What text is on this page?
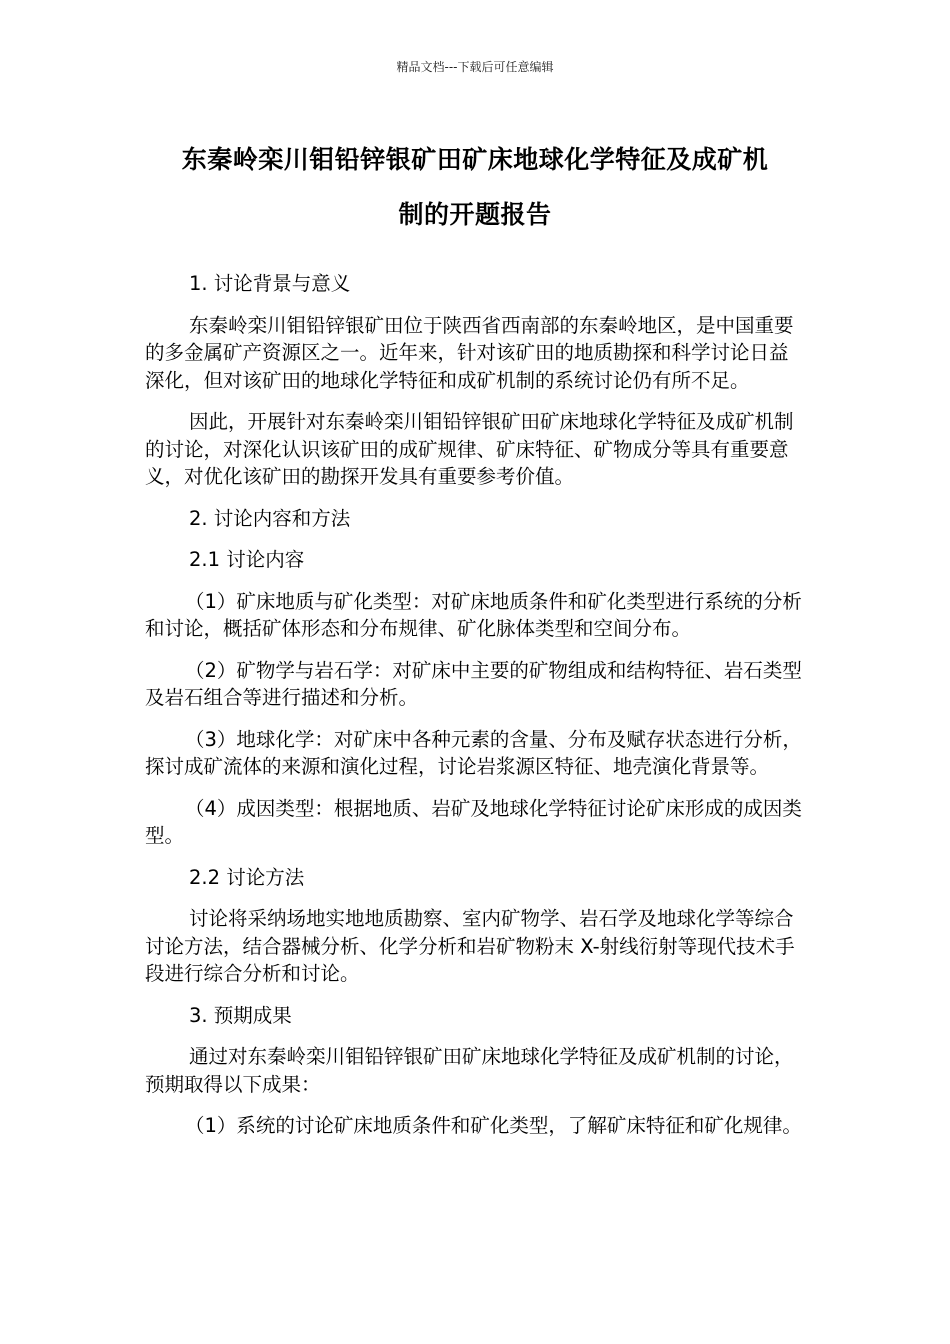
精品文档---下载后可任意编辑
东秦岭栾川钼铅锌银矿田矿床地球化学特征及成矿机
制的开题报告

1. 讨论背景与意义

东秦岭栾川钼铅锌银矿田位于陕西省西南部的东秦岭地区，是中国重要的多金属矿产资源区之一。近年来，针对该矿田的地质勘探和科学讨论日益深化，但对该矿田的地球化学特征和成矿机制的系统讨论仍有所不足。

因此，开展针对东秦岭栾川钼铅锌银矿田矿床地球化学特征及成矿机制的讨论，对深化认识该矿田的成矿规律、矿床特征、矿物成分等具有重要意义，对优化该矿田的勘探开发具有重要参考价值。

2. 讨论内容和方法

2.1 讨论内容

（1）矿床地质与矿化类型：对矿床地质条件和矿化类型进行系统的分析和讨论，概括矿体形态和分布规律、矿化脉体类型和空间分布。

（2）矿物学与岩石学：对矿床中主要的矿物组成和结构特征、岩石类型及岩石组合等进行描述和分析。

（3）地球化学：对矿床中各种元素的含量、分布及赋存状态进行分析，探讨成矿流体的来源和演化过程，讨论岩浆源区特征、地壳演化背景等。

（4）成因类型：根据地质、岩矿及地球化学特征讨论矿床形成的成因类型。

2.2 讨论方法

讨论将采纳场地实地地质勘察、室内矿物学、岩石学及地球化学等综合讨论方法，结合器械分析、化学分析和岩矿物粉末 X-射线衍射等现代技术手段进行综合分析和讨论。

3. 预期成果

通过对东秦岭栾川钼铅锌银矿田矿床地球化学特征及成矿机制的讨论，预期取得以下成果：

（1）系统的讨论矿床地质条件和矿化类型，了解矿床特征和矿化规律。
